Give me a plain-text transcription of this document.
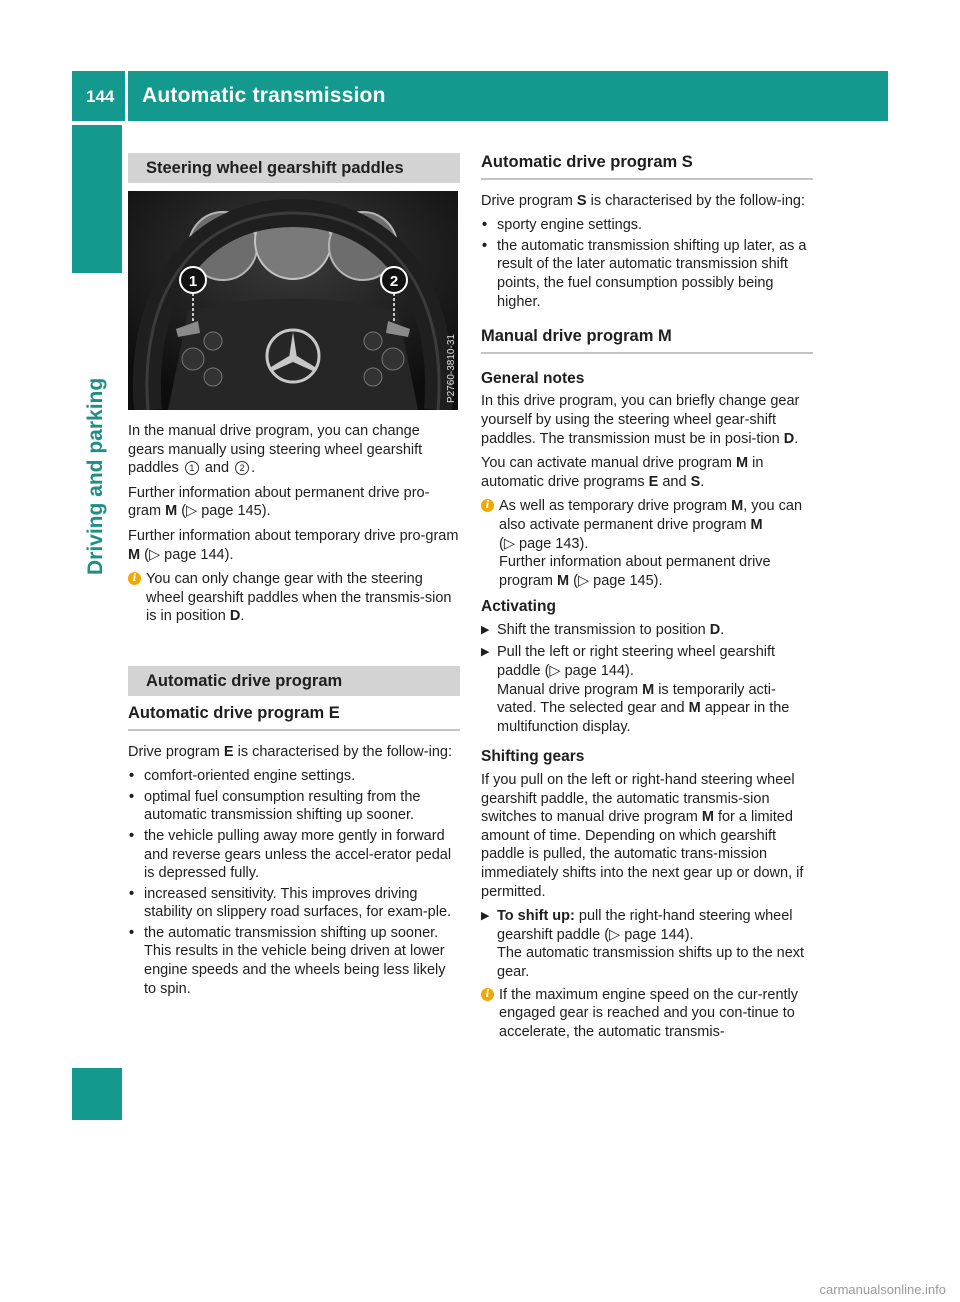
144 Automatic transmission
Driving and parking
Steering wheel gearshift paddles
1	2
P2760-3810-31

In the manual drive program, you can change gears manually using steering wheel gearshift paddles 1 and 2 .

Further information about permanent drive pro-gram M (▷ page 145).

Further information about temporary drive pro-gram M (▷ page 144).

i You can only change gear with the steering wheel gearshift paddles when the transmis-sion is in position D.
Automatic drive program
Automatic drive program E

Drive program E is characterised by the follow-ing:

• comfort-oriented engine settings.
• optimal fuel consumption resulting from the automatic transmission shifting up sooner.
• the vehicle pulling away more gently in forward and reverse gears unless the accel-erator pedal is depressed fully.
• increased sensitivity. This improves driving stability on slippery road surfaces, for exam-ple.
• the automatic transmission shifting up sooner. This results in the vehicle being driven at lower engine speeds and the wheels being less likely to spin.
Automatic drive program S

Drive program S is characterised by the follow-ing:

• sporty engine settings.
• the automatic transmission shifting up later, as a result of the later automatic transmission shift points, the fuel consumption possibly being higher.
Manual drive program M
General notes

In this drive program, you can briefly change gear yourself by using the steering wheel gear-shift paddles. The transmission must be in posi-tion D.

You can activate manual drive program M in automatic drive programs E and S.

i As well as temporary drive program M, you can also activate permanent drive program M
(▷ page 143).
Further information about permanent drive program M (▷ page 145).
Activating
▶ Shift the transmission to position D.
▶ Pull the left or right steering wheel gearshift paddle (▷ page 144).
Manual drive program M is temporarily acti-vated. The selected gear and M appear in the multifunction display.
Shifting gears

If you pull on the left or right-hand steering wheel gearshift paddle, the automatic transmis-sion switches to manual drive program M for a limited amount of time. Depending on which gearshift paddle is pulled, the automatic trans-mission immediately shifts into the next gear up or down, if permitted.

▶ To shift up: pull the right-hand steering wheel gearshift paddle (▷ page 144).
The automatic transmission shifts up to the next gear.
i If the maximum engine speed on the cur-rently engaged gear is reached and you con-tinue to accelerate, the automatic transmis-
carmanualsonline.info
